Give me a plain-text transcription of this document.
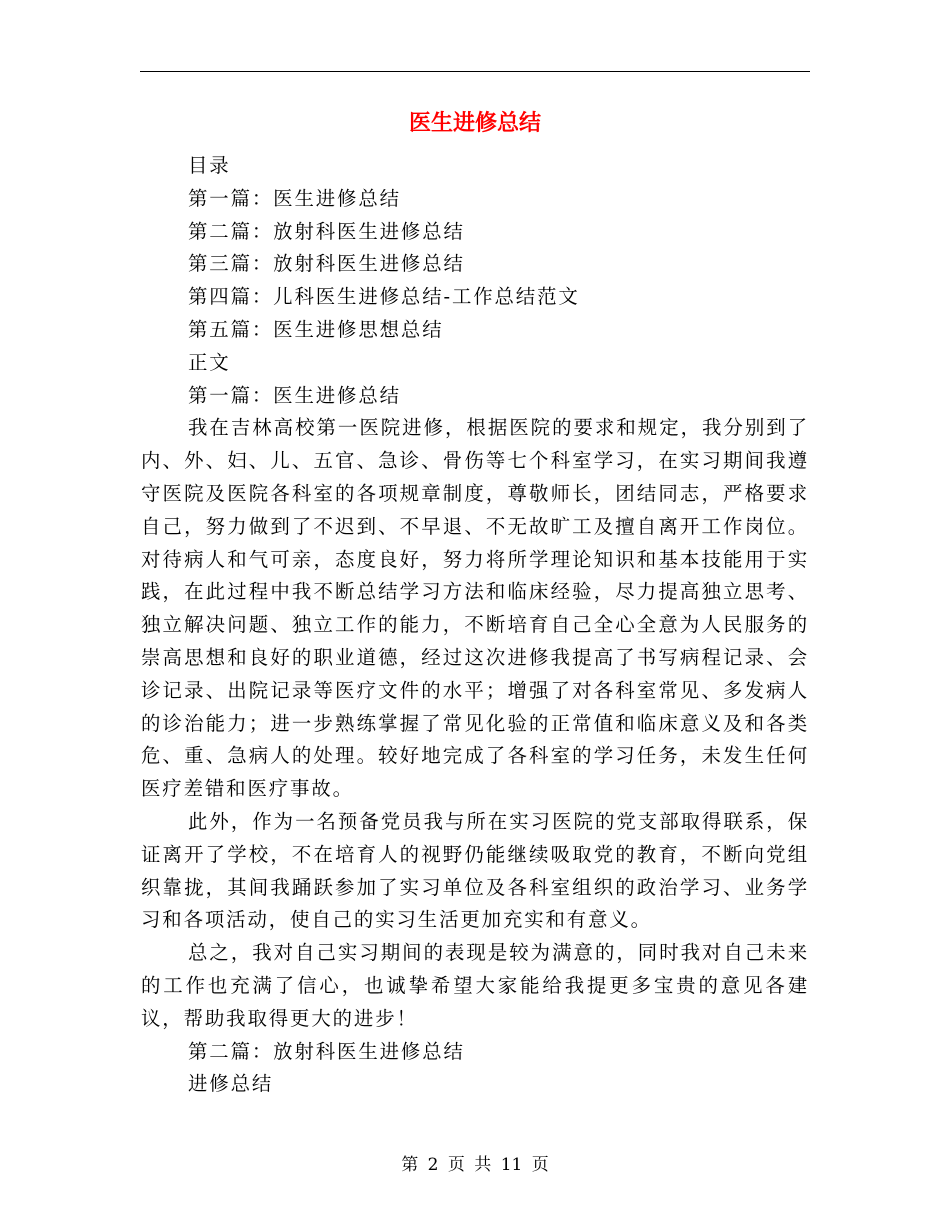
医生进修总结

目录

第一篇：医生进修总结

第二篇：放射科医生进修总结

第三篇：放射科医生进修总结

第四篇：儿科医生进修总结-工作总结范文

第五篇：医生进修思想总结

正文

第一篇：医生进修总结

我在吉林高校第一医院进修，根据医院的要求和规定，我分别到了内、外、妇、儿、五官、急诊、骨伤等七个科室学习，在实习期间我遵守医院及医院各科室的各项规章制度，尊敬师长，团结同志，严格要求自己，努力做到了不迟到、不早退、不无故旷工及擅自离开工作岗位。对待病人和气可亲，态度良好，努力将所学理论知识和基本技能用于实践，在此过程中我不断总结学习方法和临床经验，尽力提高独立思考、独立解决问题、独立工作的能力，不断培育自己全心全意为人民服务的崇高思想和良好的职业道德，经过这次进修我提高了书写病程记录、会诊记录、出院记录等医疗文件的水平；增强了对各科室常见、多发病人的诊治能力；进一步熟练掌握了常见化验的正常值和临床意义及和各类危、重、急病人的处理。较好地完成了各科室的学习任务，未发生任何医疗差错和医疗事故。

此外，作为一名预备党员我与所在实习医院的党支部取得联系，保证离开了学校，不在培育人的视野仍能继续吸取党的教育，不断向党组织靠拢，其间我踊跃参加了实习单位及各科室组织的政治学习、业务学习和各项活动，使自己的实习生活更加充实和有意义。

总之，我对自己实习期间的表现是较为满意的，同时我对自己未来的工作也充满了信心，也诚挚希望大家能给我提更多宝贵的意见各建议，帮助我取得更大的进步！

第二篇：放射科医生进修总结

进修总结

第 2 页 共 11 页
